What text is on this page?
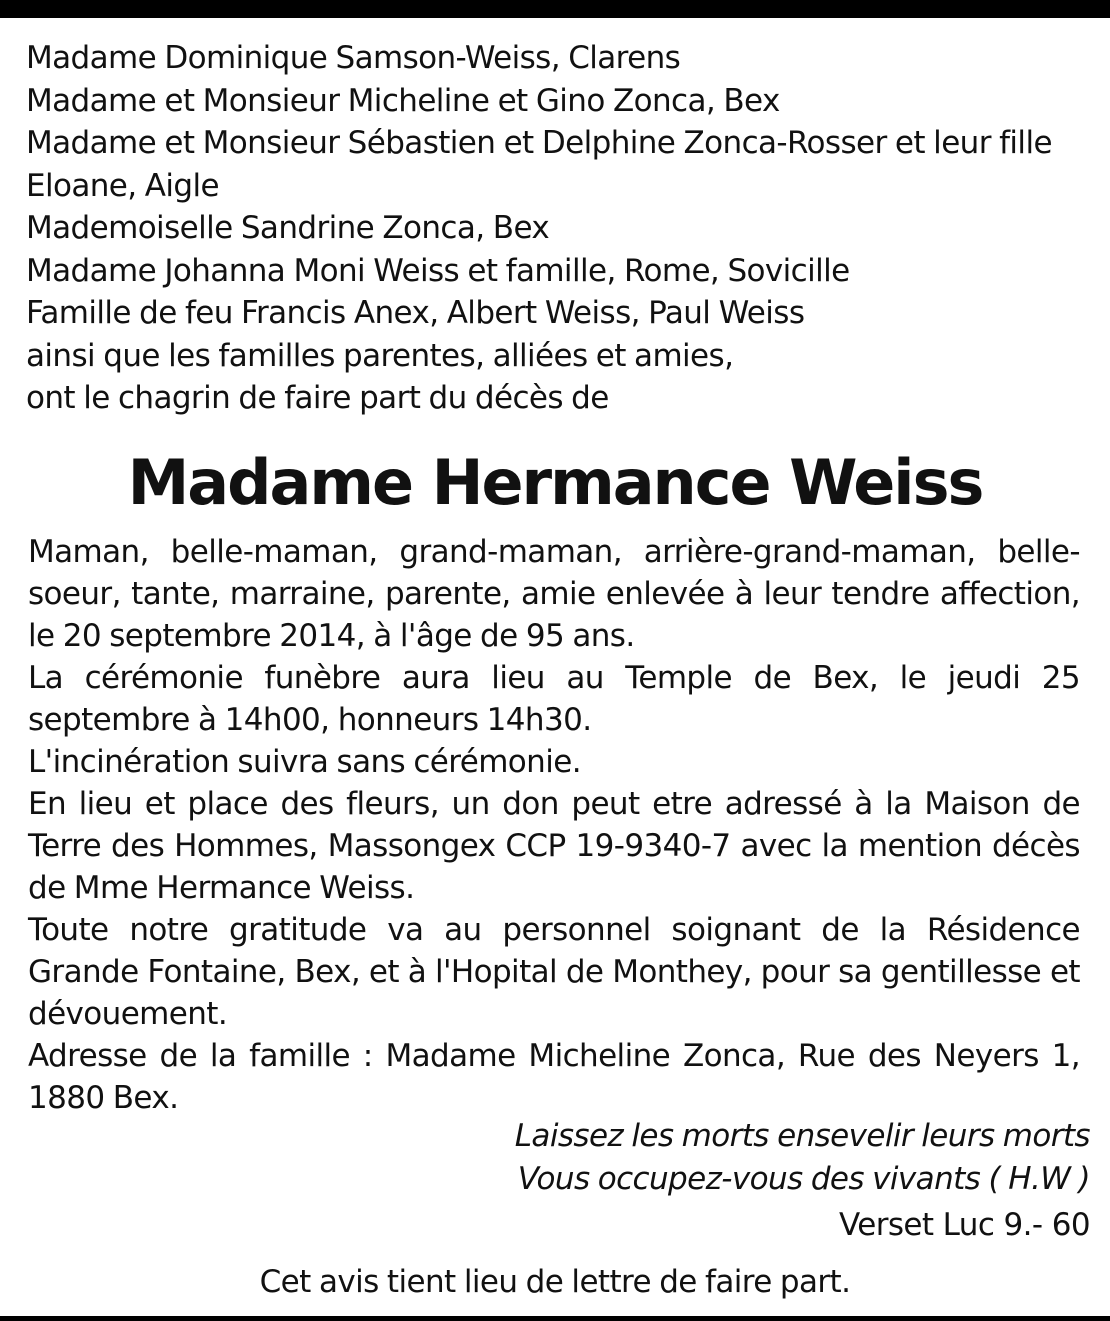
Madame Dominique Samson-Weiss, Clarens
Madame et Monsieur Micheline et Gino Zonca, Bex
Madame et Monsieur Sébastien et Delphine Zonca-Rosser et leur fille
Eloane, Aigle
Mademoiselle Sandrine Zonca, Bex
Madame Johanna Moni Weiss et famille, Rome, Sovicille
Famille de feu Francis Anex, Albert Weiss, Paul Weiss
ainsi que les familles parentes, alliées et amies,
ont le chagrin de faire part du décès de
Madame Hermance Weiss

Maman, belle-maman, grand-maman, arrière-grand-maman, belle-soeur, tante, marraine, parente, amie enlevée à leur tendre affection, le 20 septembre 2014, à l'âge de 95 ans.

La cérémonie funèbre aura lieu au Temple de Bex, le jeudi 25 septembre à 14h00, honneurs 14h30.

L'incinération suivra sans cérémonie.

En lieu et place des fleurs, un don peut etre adressé à la Maison de Terre des Hommes, Massongex CCP 19-9340-7 avec la mention décès de Mme Hermance Weiss.

Toute notre gratitude va au personnel soignant de la Résidence Grande Fontaine, Bex, et à l'Hopital de Monthey, pour sa gentillesse et dévouement.

Adresse de la famille : Madame Micheline Zonca, Rue des Neyers 1, 1880 Bex.

Laissez les morts ensevelir leurs morts
Vous occupez-vous des vivants ( H.W )
Verset Luc 9.- 60
Cet avis tient lieu de lettre de faire part.
